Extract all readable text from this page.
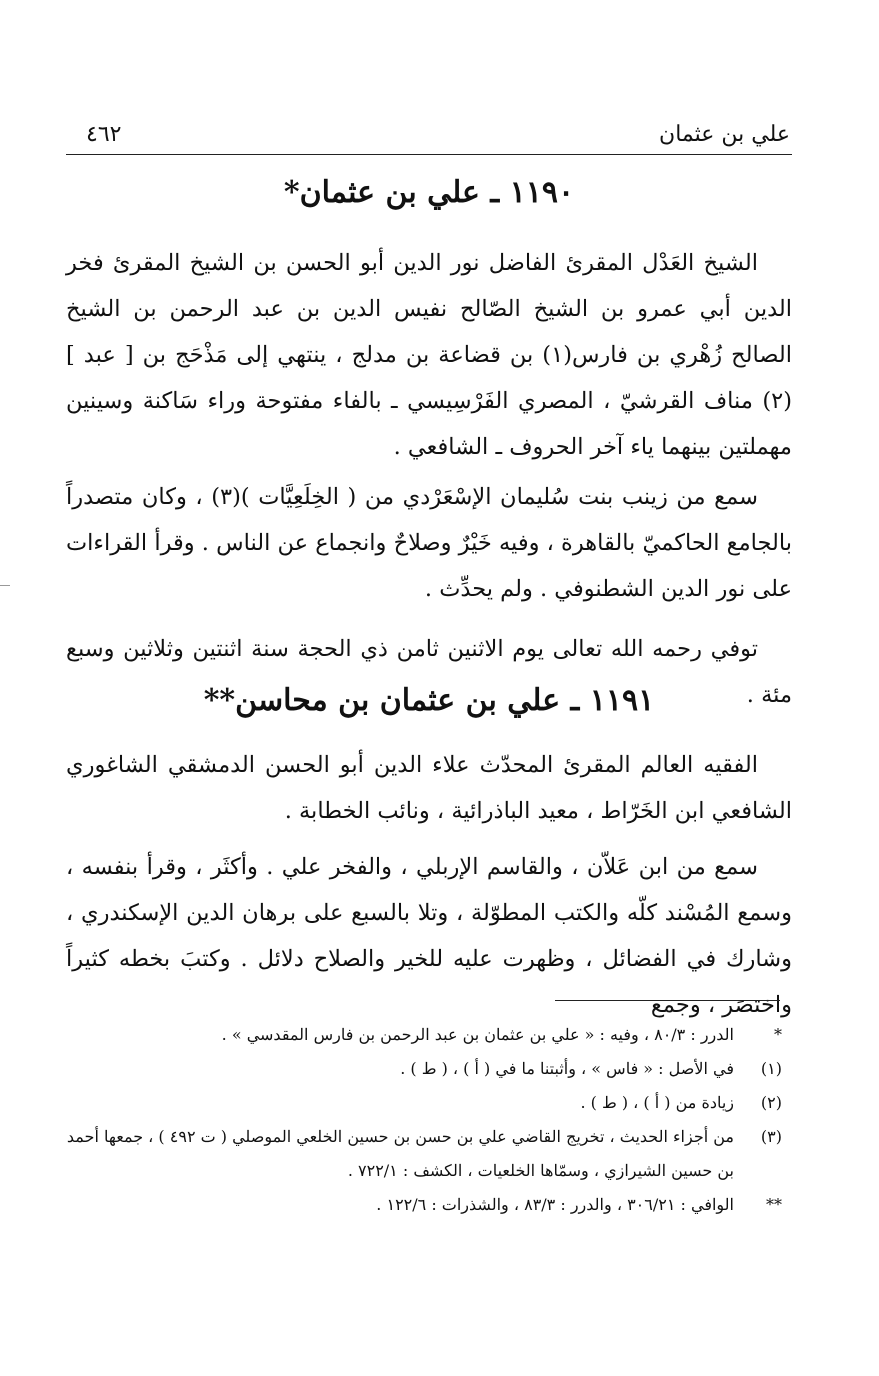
علي بن عثمان
٤٦٢
١١٩٠ ـ علي بن عثمان*

الشيخ العَدْل المقرئ الفاضل نور الدين أبو الحسن بن الشيخ المقرئ فخر الدين أبي عمرو بن الشيخ الصّالح نفيس الدين بن عبد الرحمن بن الشيخ الصالح زُهْري بن فارس(١) بن قضاعة بن مدلج ، ينتهي إلى مَذْحَج بن [ عبد ](٢) مناف القرشيّ ، المصري الفَرْسِيسي ـ بالفاء مفتوحة وراء سَاكنة وسينين مهملتين بينهما ياء آخر الحروف ـ الشافعي .

سمع من زينب بنت سُليمان الإسْعَرْدي من ( الخِلَعِيَّات )(٣) ، وكان متصدراً بالجامع الحاكميّ بالقاهرة ، وفيه خَيْرٌ وصلاحٌ وانجماع عن الناس . وقرأ القراءات على نور الدين الشطنوفي . ولم يحدِّث .

توفي رحمه الله تعالى يوم الاثنين ثامن ذي الحجة سنة اثنتين وثلاثين وسبع مئة .

١١٩١ ـ علي بن عثمان بن محاسن**

الفقيه العالم المقرئ المحدّث علاء الدين أبو الحسن الدمشقي الشاغوري الشافعي ابن الخَرّاط ، معيد الباذرائية ، ونائب الخطابة .

سمع من ابن عَلاّن ، والقاسم الإربلي ، والفخر علي . وأكثَر ، وقرأ بنفسه ، وسمع المُسْند كلّه والكتب المطوّلة ، وتلا بالسبع على برهان الدين الإسكندري ، وشارك في الفضائل ، وظهرت عليه للخير والصلاح دلائل . وكتبَ بخطه كثيراً واختصَر ، وجمع

*
الدرر : ٨٠/٣ ، وفيه : « علي بن عثمان بن عبد الرحمن بن فارس المقدسي » .
(١)
في الأصل : « فاس » ، وأثبتنا ما في ( أ ) ، ( ط ) .
(٢)
زيادة من ( أ ) ، ( ط ) .
(٣)
من أجزاء الحديث ، تخريج القاضي علي بن حسن بن حسين الخلعي الموصلي ( ت ٤٩٢ ) ، جمعها أحمد بن حسين الشيرازي ، وسمّاها الخلعيات ، الكشف : ٧٢٢/١ .
**
الوافي : ٣٠٦/٢١ ، والدرر : ٨٣/٣ ، والشذرات : ١٢٢/٦ .
